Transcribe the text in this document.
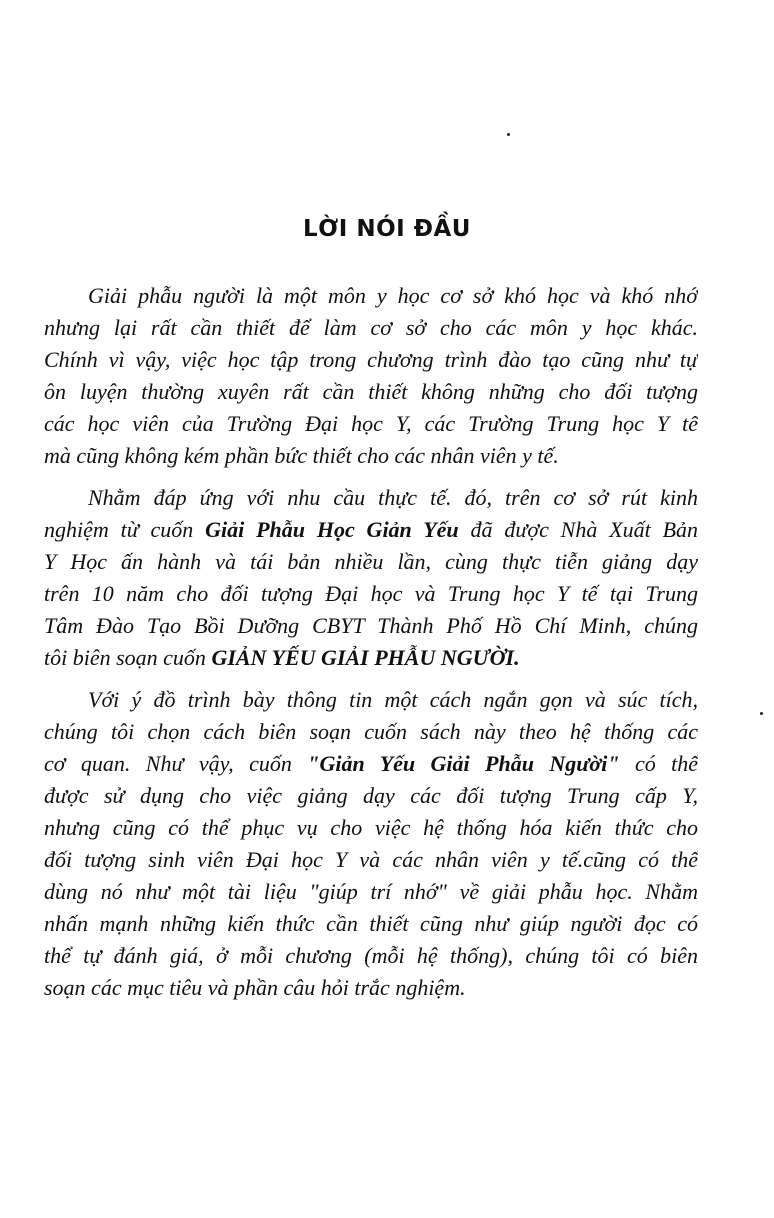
LỜI NÓI ĐẦU
Giải phẫu người là một môn y học cơ sở khó học và khó nhớ
nhưng lại rất cần thiết để làm cơ sở cho các môn y học khác.
Chính vì vậy, việc học tập trong chương trình đào tạo cũng như tự
ôn luyện thường xuyên rất cần thiết không những cho đối tượng
các học viên của Trường Đại học Y, các Trường Trung học Y tế
mà cũng không kém phần bức thiết cho các nhân viên y tế.
Nhằm đáp ứng với nhu cầu thực tế. đó, trên cơ sở rút kinh
nghiệm từ cuốn Giải Phẫu Học Giản Yếu đã được Nhà Xuất Bản
Y Học ấn hành và tái bản nhiều lần, cùng thực tiễn giảng dạy
trên 10 năm cho đối tượng Đại học và Trung học Y tế tại Trung
Tâm Đào Tạo Bồi Dưỡng CBYT Thành Phố Hồ Chí Minh, chúng
tôi biên soạn cuốn GIẢN YẾU GIẢI PHẪU NGƯỜI.
Với ý đồ trình bày thông tin một cách ngắn gọn và súc tích,
chúng tôi chọn cách biên soạn cuốn sách này theo hệ thống các
cơ quan. Như vậy, cuốn "Giản Yếu Giải Phẫu Người" có thể
được sử dụng cho việc giảng dạy các đối tượng Trung cấp Y,
nhưng cũng có thể phục vụ cho việc hệ thống hóa kiến thức cho
đối tượng sinh viên Đại học Y và các nhân viên y tế.cũng có thể
dùng nó như một tài liệu "giúp trí nhớ" về giải phẫu học. Nhằm
nhấn mạnh những kiến thức cần thiết cũng như giúp người đọc có
thể tự đánh giá, ở mỗi chương (mỗi hệ thống), chúng tôi có biên
soạn các mục tiêu và phần câu hỏi trắc nghiệm.
